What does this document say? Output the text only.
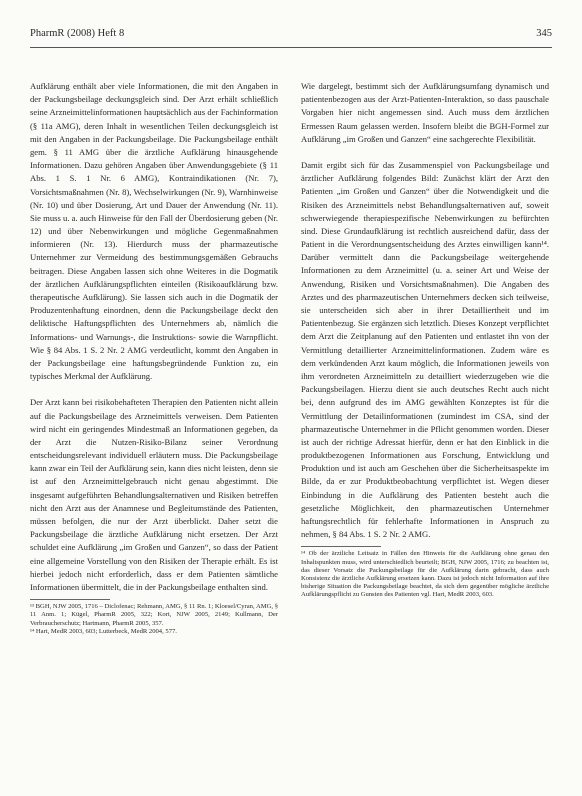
PharmR (2008) Heft 8	345

Aufklärung enthält aber viele Informationen, die mit den Angaben in der Packungsbeilage deckungsgleich sind. Der Arzt erhält schließlich seine Arzneimittelinformationen hauptsächlich aus der Fachinformation (§ 11a AMG), deren Inhalt in wesentlichen Teilen deckungsgleich ist mit den Angaben in der Packungsbeilage. Die Packungsbeilage enthält gem. § 11 AMG über die ärztliche Aufklärung hinausgehende Informationen. Dazu gehören Angaben über Anwendungsgebiete (§ 11 Abs. 1 S. 1 Nr. 6 AMG), Kontraindikationen (Nr. 7), Vorsichtsmaßnahmen (Nr. 8), Wechselwirkungen (Nr. 9), Warnhinweise (Nr. 10) und über Dosierung, Art und Dauer der Anwendung (Nr. 11). Sie muss u. a. auch Hinweise für den Fall der Überdosierung geben (Nr. 12) und über Nebenwirkungen und mögliche Gegenmaßnahmen informieren (Nr. 13). Hierdurch muss der pharmazeutische Unternehmer zur Vermeidung des bestimmungsgemäßen Gebrauchs beitragen. Diese Angaben lassen sich ohne Weiteres in die Dogmatik der ärztlichen Aufklärungspflichten einteilen (Risikoaufklärung bzw. therapeutische Aufklärung). Sie lassen sich auch in die Dogmatik der Produzentenhaftung einordnen, denn die Packungsbeilage deckt den deliktische Haftungspflichten des Unternehmers ab, nämlich die Informations- und Warnungs-, die Instruktions- sowie die Warnpflicht. Wie § 84 Abs. 1 S. 2 Nr. 2 AMG verdeutlicht, kommt den Angaben in der Packungsbeilage eine haftungsbegründende Funktion zu, ein typisches Merkmal der Aufklärung.

Der Arzt kann bei risikobehafteten Therapien den Patienten nicht allein auf die Packungsbeilage des Arzneimittels verweisen. Dem Patienten wird nicht ein geringendes Mindestmaß an Informationen gegeben, da der Arzt die Nutzen-Risiko-Bilanz seiner Verordnung entscheidungsrelevant individuell erläutern muss. Die Packungsbeilage kann zwar ein Teil der Aufklärung sein, kann dies nicht leisten, denn sie ist auf den Arzneimittelgebrauch nicht genau abgestimmt. Die insgesamt aufgeführten Behandlungsalternativen und Risiken betreffen nicht den Arzt aus der Anamnese und Begleitumstände des Patienten, müssen befolgen, die nur der Arzt überblickt. Daher setzt die Packungsbeilage die ärztliche Aufklärung nicht ersetzen. Der Arzt schuldet eine Aufklärung „im Großen und Ganzen“, so dass der Patient eine allgemeine Vorstellung von den Risiken der Therapie erhält. Es ist hierbei jedoch nicht erforderlich, dass er dem Patienten sämtliche Informationen übermittelt, die in der Packungsbeilage enthalten sind.

¹³ BGH, NJW 2005, 1716 – Diclofenac; Rehmann, AMG, § 11 Rn. 1; Kloesel/Cyran, AMG, § 11 Anm. 1; Kügel, PharmR 2005, 322; Kort, NJW 2005, 2149; Kullmann, Der Verbraucherschutz; Hartmann, PharmR 2005, 357.

¹⁴ Hart, MedR 2003, 603; Lutterbeck, MedR 2004, 577.

Wie dargelegt, bestimmt sich der Aufklärungsumfang dynamisch und patientenbezogen aus der Arzt-Patienten-Interaktion, so dass pauschale Vorgaben hier nicht angemessen sind. Auch muss dem ärztlichen Ermessen Raum gelassen werden. Insofern bleibt die BGH-Formel zur Aufklärung „im Großen und Ganzen“ eine sachgerechte Flexibilität.

Damit ergibt sich für das Zusammenspiel von Packungsbeilage und ärztlicher Aufklärung folgendes Bild: Zunächst klärt der Arzt den Patienten „im Großen und Ganzen“ über die Notwendigkeit und die Risiken des Arzneimittels nebst Behandlungsalternativen auf, soweit schwerwiegende therapiespezifische Nebenwirkungen zu befürchten sind. Diese Grundaufklärung ist rechtlich ausreichend dafür, dass der Patient in die Verordnungsentscheidung des Arztes einwilligen kann¹⁴. Darüber vermittelt dann die Packungsbeilage weitergehende Informationen zu dem Arzneimittel (u. a. seiner Art und Weise der Anwendung, Risiken und Vorsichtsmaßnahmen). Die Angaben des Arztes und des pharmazeutischen Unternehmers decken sich teilweise, sie unterscheiden sich aber in ihrer Detailliertheit und im Patientenbezug. Sie ergänzen sich letztlich. Dieses Konzept verpflichtet dem Arzt die Zeitplanung auf den Patienten und entlastet ihn von der Vermittlung detaillierter Arzneimittelinformationen. Zudem wäre es dem verkündenden Arzt kaum möglich, die Informationen jeweils von ihm verordneten Arzneimitteln zu detailliert wiederzugeben wie die Packungsbeilagen. Hierzu dient sie auch deutsches Recht auch nicht bei, denn aufgrund des im AMG gewählten Konzeptes ist für die Vermittlung der Detailinformationen (zumindest im CSA, sind der pharmazeutische Unternehmer in die Pflicht genommen worden. Dieser ist auch der richtige Adressat hierfür, denn er hat den Einblick in die produktbezogenen Informationen aus Forschung, Entwicklung und Produktion und ist auch am Geschehen über die Sicherheitsaspekte im Bilde, da er zur Produktbeobachtung verpflichtet ist. Wegen dieser Einbindung in die Aufklärung des Patienten besteht auch die gesetzliche Möglichkeit, den pharmazeutischen Unternehmer haftungsrechtlich für fehlerhafte Informationen in Anspruch zu nehmen, § 84 Abs. 1 S. 2 Nr. 2 AMG.

¹⁴ Ob der ärztliche Leitsatz in Fällen den Hinweis für die Aufklärung ohne genau den Inhaltspunkten muss, wird unterschiedlich beurteilt; BGH, NJW 2005, 1716; zu beachten ist, das dieser Vorsatz die Packungsbeilage für die Aufklärung darin gebracht, dass auch Konsistenz die ärztliche Aufklärung ersetzen kann. Dazu ist jedoch nicht Information auf ihre bisherige Situation die Packungsbeilage beachtet, da sich dem gegenüber mögliche ärztliche Aufklärungspflicht zu Gunsten des Patienten vgl. Hart, MedR 2003, 603.
